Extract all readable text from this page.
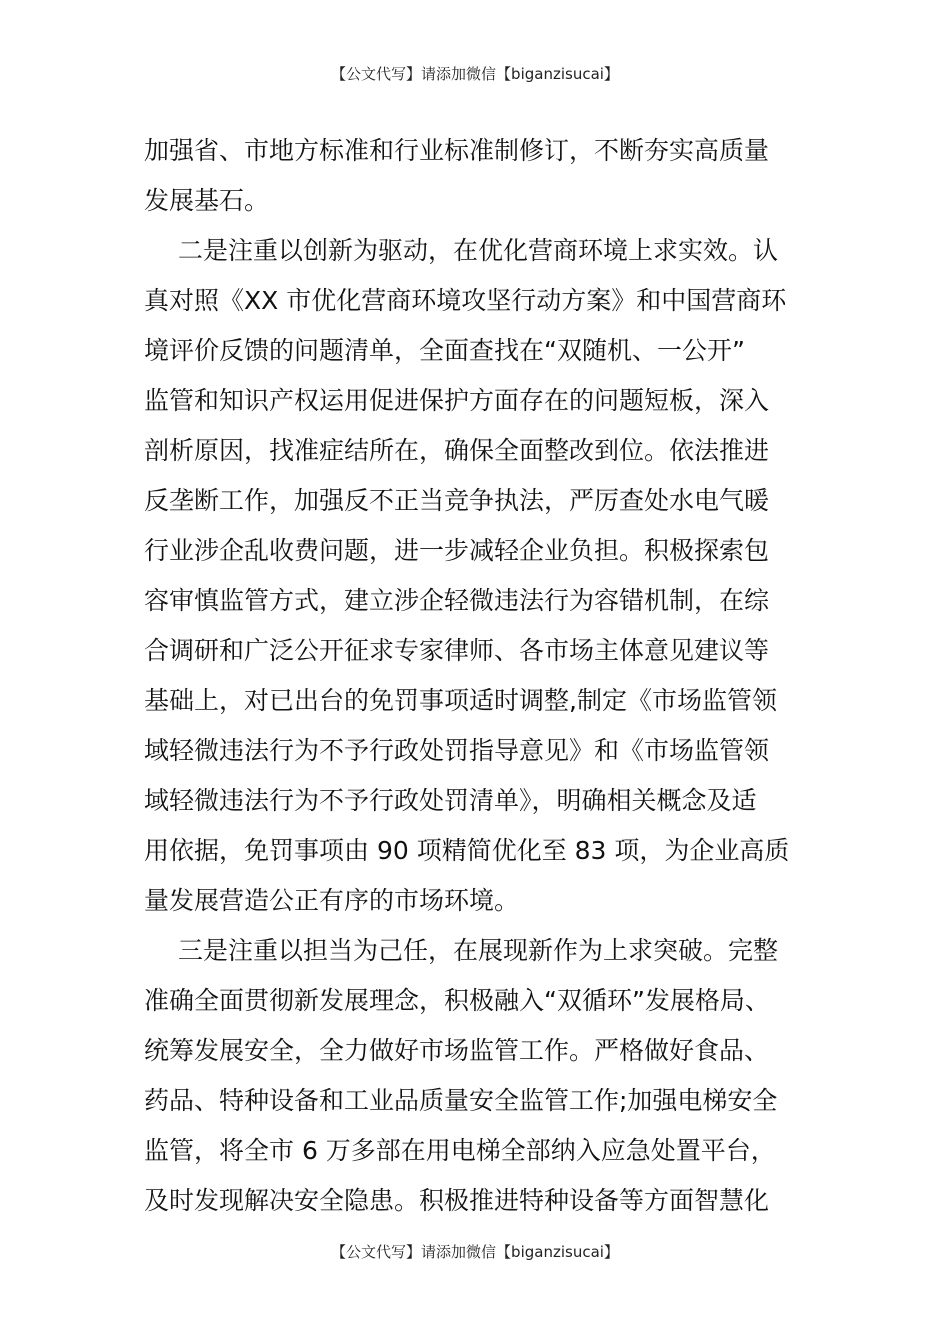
【公文代写】请添加微信【biganzisucai】
加强省、市地方标准和行业标准制修订，不断夯实高质量
发展基石。
二是注重以创新为驱动，在优化营商环境上求实效。认
真对照《XX 市优化营商环境攻坚行动方案》和中国营商环
境评价反馈的问题清单，全面查找在“双随机、一公开”
监管和知识产权运用促进保护方面存在的问题短板，深入
剖析原因，找准症结所在，确保全面整改到位。依法推进
反垄断工作，加强反不正当竞争执法，严厉查处水电气暖
行业涉企乱收费问题，进一步减轻企业负担。积极探索包
容审慎监管方式，建立涉企轻微违法行为容错机制，在综
合调研和广泛公开征求专家律师、各市场主体意见建议等
基础上，对已出台的免罚事项适时调整,制定《市场监管领
域轻微违法行为不予行政处罚指导意见》和《市场监管领
域轻微违法行为不予行政处罚清单》，明确相关概念及适
用依据，免罚事项由 90 项精简优化至 83 项，为企业高质
量发展营造公正有序的市场环境。
三是注重以担当为己任，在展现新作为上求突破。完整
准确全面贯彻新发展理念，积极融入“双循环”发展格局、
统筹发展安全，全力做好市场监管工作。严格做好食品、
药品、特种设备和工业品质量安全监管工作;加强电梯安全
监管，将全市 6 万多部在用电梯全部纳入应急处置平台，
及时发现解决安全隐患。积极推进特种设备等方面智慧化
【公文代写】请添加微信【biganzisucai】
